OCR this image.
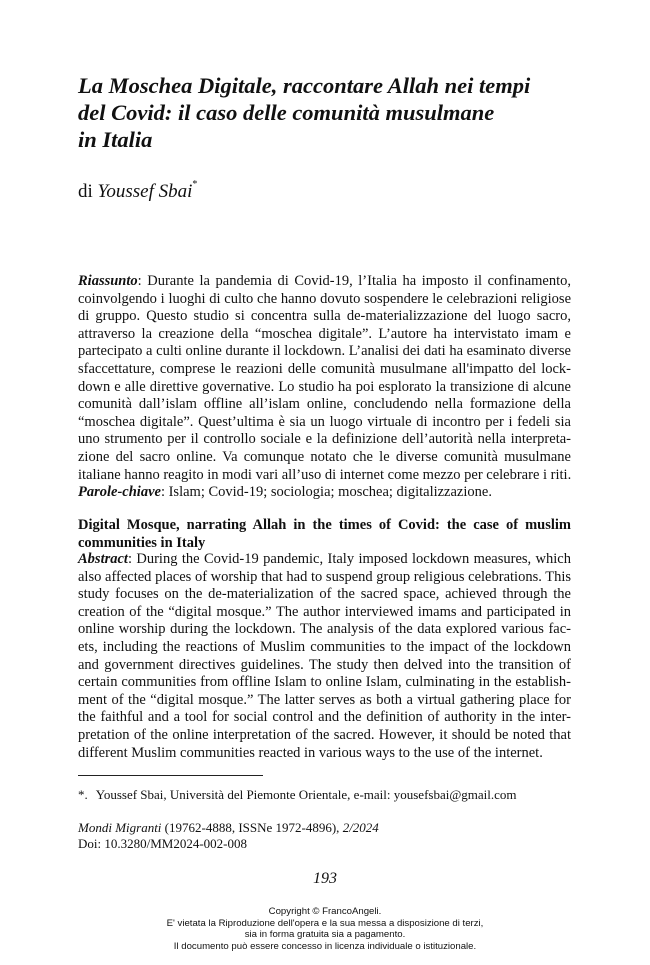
La Moschea Digitale, raccontare Allah nei tempi
del Covid: il caso delle comunità musulmane
in Italia
di Youssef Sbai*
Riassunto: Durante la pandemia di Covid-19, l’Italia ha imposto il confinamento,
coinvolgendo i luoghi di culto che hanno dovuto sospendere le celebrazioni religiose
di gruppo. Questo studio si concentra sulla de-materializzazione del luogo sacro,
attraverso la creazione della “moschea digitale”. L’autore ha intervistato imam e
partecipato a culti online durante il lockdown. L’analisi dei dati ha esaminato diverse
sfaccettature, comprese le reazioni delle comunità musulmane all'impatto del lock-
down e alle direttive governative. Lo studio ha poi esplorato la transizione di alcune
comunità dall’islam offline all’islam online, concludendo nella formazione della
“moschea digitale”. Quest’ultima è sia un luogo virtuale di incontro per i fedeli sia
uno strumento per il controllo sociale e la definizione dell’autorità nella interpreta-
zione del sacro online. Va comunque notato che le diverse comunità musulmane
italiane hanno reagito in modi vari all’uso di internet come mezzo per celebrare i riti.
Parole-chiave: Islam; Covid-19; sociologia; moschea; digitalizzazione.
Digital Mosque, narrating Allah in the times of Covid: the case of muslim
communities in Italy
Abstract: During the Covid-19 pandemic, Italy imposed lockdown measures, which
also affected places of worship that had to suspend group religious celebrations. This
study focuses on the de-materialization of the sacred space, achieved through the
creation of the “digital mosque.” The author interviewed imams and participated in
online worship during the lockdown. The analysis of the data explored various fac-
ets, including the reactions of Muslim communities to the impact of the lockdown
and government directives guidelines. The study then delved into the transition of
certain communities from offline Islam to online Islam, culminating in the establish-
ment of the “digital mosque.” The latter serves as both a virtual gathering place for
the faithful and a tool for social control and the definition of authority in the inter-
pretation of the online interpretation of the sacred. However, it should be noted that
different Muslim communities reacted in various ways to the use of the internet.
*. Youssef Sbai, Università del Piemonte Orientale, e-mail: yousefsbai@gmail.com
Mondi Migranti (19762-4888, ISSNe 1972-4896), 2/2024
Doi: 10.3280/MM2024-002-008
193
Copyright © FrancoAngeli.
E' vietata la Riproduzione dell'opera e la sua messa a disposizione di terzi,
sia in forma gratuita sia a pagamento.
Il documento può essere concesso in licenza individuale o istituzionale.
